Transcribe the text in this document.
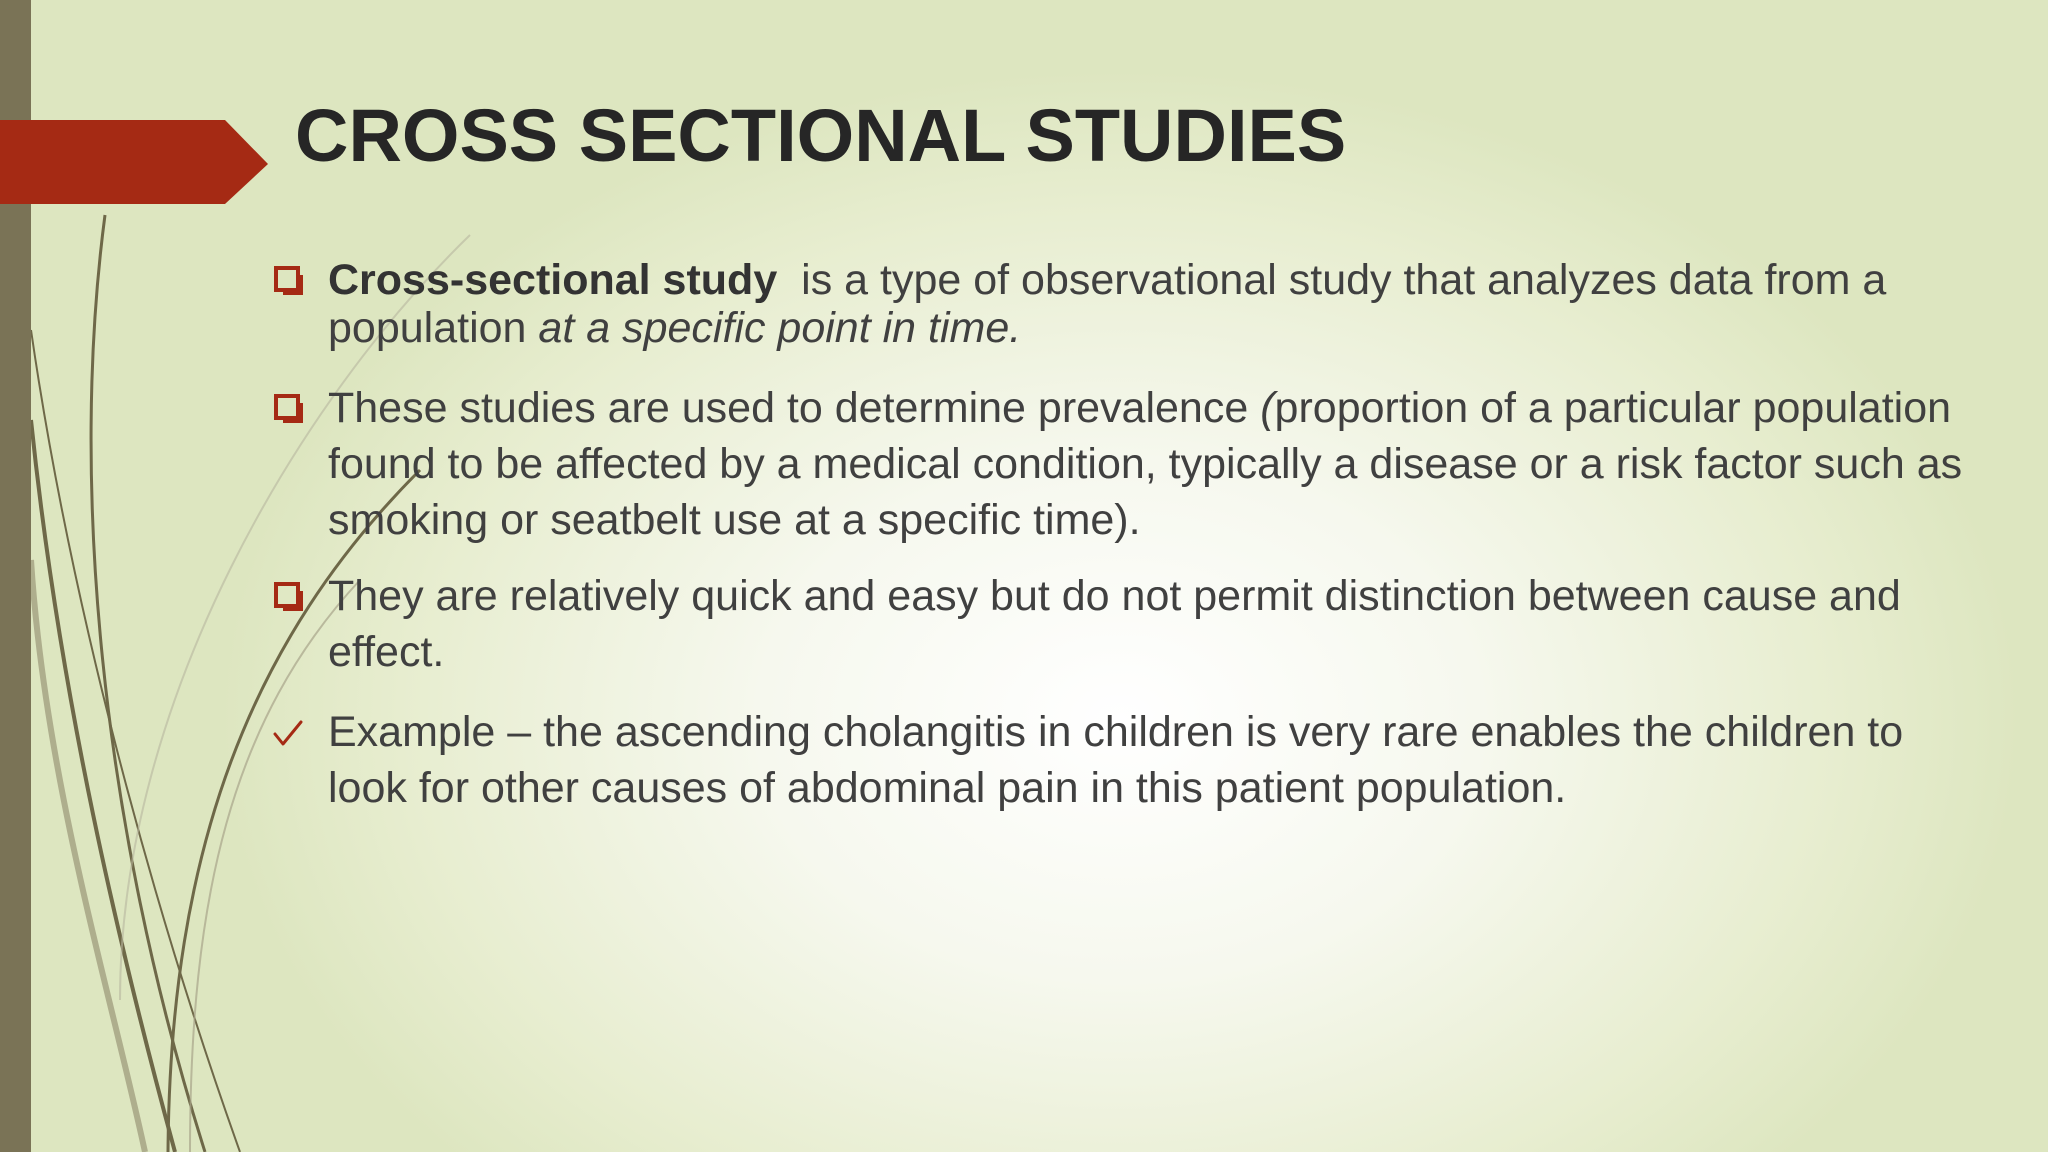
CROSS SECTIONAL STUDIES
Cross-sectional study is a type of observational study that analyzes data from a population at a specific point in time.
These studies are used to determine prevalence (proportion of a particular population found to be affected by a medical condition, typically a disease or a risk factor such as smoking or seatbelt use at a specific time).
They are relatively quick and easy but do not permit distinction between cause and effect.
Example – the ascending cholangitis in children is very rare enables the children to look for other causes of abdominal pain in this patient population.
